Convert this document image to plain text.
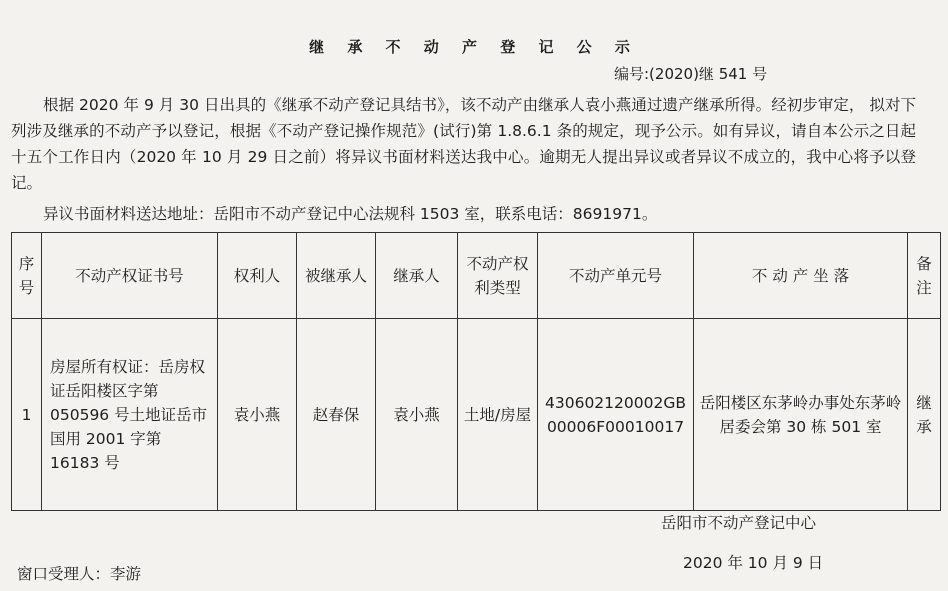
继 承 不 动 产 登 记 公 示
编号:(2020)继 541 号

根据 2020 年 9 月 30 日出具的《继承不动产登记具结书》，该不动产由继承人袁小燕通过遗产继承所得。经初步审定， 拟对下列涉及继承的不动产予以登记，根据《不动产登记操作规范》(试行)第 1.8.6.1 条的规定，现予公示。如有异议，请自本公示之日起十五个工作日内（2020 年 10 月 29 日之前）将异议书面材料送达我中心。逾期无人提出异议或者异议不成立的，我中心将予以登记。

异议书面材料送达地址：岳阳市不动产登记中心法规科 1503 室，联系电话：8691971。
序号	不动产权证书号	权利人	被继承人	继承人	不动产权利类型	不动产单元号	不 动 产 坐 落	备注
1	房屋所有权证：岳房权证岳阳楼区字第 050596 号土地证岳市国用 2001 字第 16183 号	袁小燕	赵春保	袁小燕	土地/房屋	430602120002GB00006F00010017	岳阳楼区东茅岭办事处东茅岭居委会第 30 栋 501 室	继承
岳阳市不动产登记中心
2020 年 10 月 9 日
窗口受理人：李游
